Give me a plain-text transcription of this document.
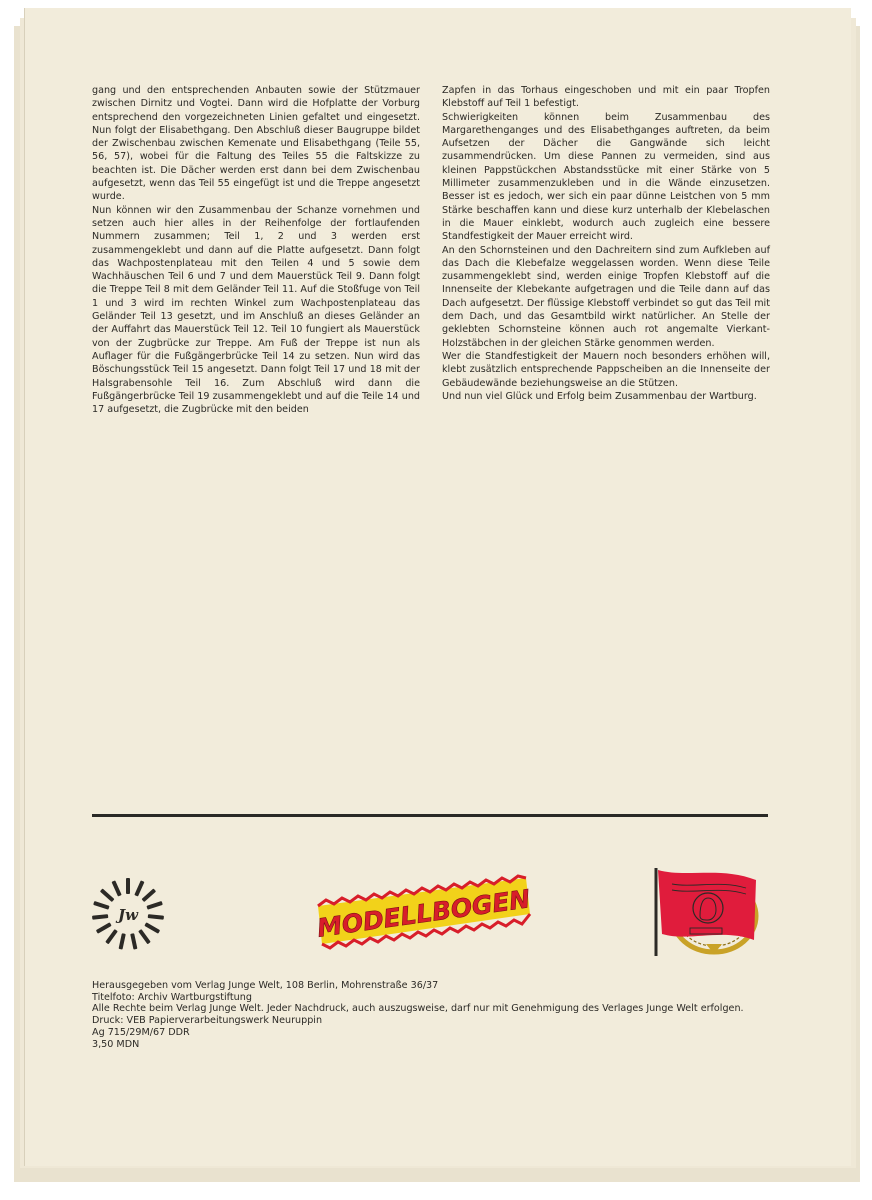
gang und den entsprechenden Anbauten sowie der Stützmauer zwischen Dirnitz und Vogtei. Dann wird die Hofplatte der Vorburg entsprechend den vorgezeichneten Linien gefaltet und eingesetzt. Nun folgt der Elisabethgang. Den Abschluß dieser Baugruppe bildet der Zwischenbau zwischen Kemenate und Elisabethgang (Teile 55, 56, 57), wobei für die Faltung des Teiles 55 die Faltskizze zu beachten ist. Die Dächer werden erst dann bei dem Zwischenbau aufgesetzt, wenn das Teil 55 eingefügt ist und die Treppe angesetzt wurde.

Nun können wir den Zusammenbau der Schanze vornehmen und setzen auch hier alles in der Reihenfolge der fortlaufenden Nummern zusammen; Teil 1, 2 und 3 werden erst zusammengeklebt und dann auf die Platte aufgesetzt. Dann folgt das Wachpostenplateau mit den Teilen 4 und 5 sowie dem Wachhäuschen Teil 6 und 7 und dem Mauerstück Teil 9. Dann folgt die Treppe Teil 8 mit dem Geländer Teil 11. Auf die Stoßfuge von Teil 1 und 3 wird im rechten Winkel zum Wachpostenplateau das Geländer Teil 13 gesetzt, und im Anschluß an dieses Geländer an der Auffahrt das Mauerstück Teil 12. Teil 10 fungiert als Mauerstück von der Zugbrücke zur Treppe. Am Fuß der Treppe ist nun als Auflager für die Fußgängerbrücke Teil 14 zu setzen. Nun wird das Böschungsstück Teil 15 angesetzt. Dann folgt Teil 17 und 18 mit der Halsgrabensohle Teil 16. Zum Abschluß wird dann die Fußgängerbrücke Teil 19 zusammengeklebt und auf die Teile 14 und 17 aufgesetzt, die Zugbrücke mit den beiden

Zapfen in das Torhaus eingeschoben und mit ein paar Tropfen Klebstoff auf Teil 1 befestigt.

Schwierigkeiten können beim Zusammenbau des Margarethenganges und des Elisabethganges auftreten, da beim Aufsetzen der Dächer die Gangwände sich leicht zusammendrücken. Um diese Pannen zu vermeiden, sind aus kleinen Pappstückchen Abstandsstücke mit einer Stärke von 5 Millimeter zusammenzukleben und in die Wände einzusetzen. Besser ist es jedoch, wer sich ein paar dünne Leistchen von 5 mm Stärke beschaffen kann und diese kurz unterhalb der Klebelaschen in die Mauer einklebt, wodurch auch zugleich eine bessere Standfestigkeit der Mauer erreicht wird.

An den Schornsteinen und den Dachreitern sind zum Aufkleben auf das Dach die Klebefalze weggelassen worden. Wenn diese Teile zusammengeklebt sind, werden einige Tropfen Klebstoff auf die Innenseite der Klebekante aufgetragen und die Teile dann auf das Dach aufgesetzt. Der flüssige Klebstoff verbindet so gut das Teil mit dem Dach, und das Gesamtbild wirkt natürlicher. An Stelle der geklebten Schornsteine können auch rot angemalte Vierkant-Holzstäbchen in der gleichen Stärke genommen werden.

Wer die Standfestigkeit der Mauern noch besonders erhöhen will, klebt zusätzlich entsprechende Pappscheiben an die Innenseite der Gebäudewände beziehungsweise an die Stützen.

Und nun viel Glück und Erfolg beim Zusammenbau der Wartburg.

Jw	MODELLBOGEN
Herausgegeben vom Verlag Junge Welt, 108 Berlin, Mohrenstraße 36/37
Titelfoto: Archiv Wartburgstiftung
Alle Rechte beim Verlag Junge Welt. Jeder Nachdruck, auch auszugsweise, darf nur mit Genehmigung des Verlages Junge Welt erfolgen.
Druck: VEB Papierverarbeitungswerk Neuruppin
Ag 715/29M/67 DDR
3,50 MDN
